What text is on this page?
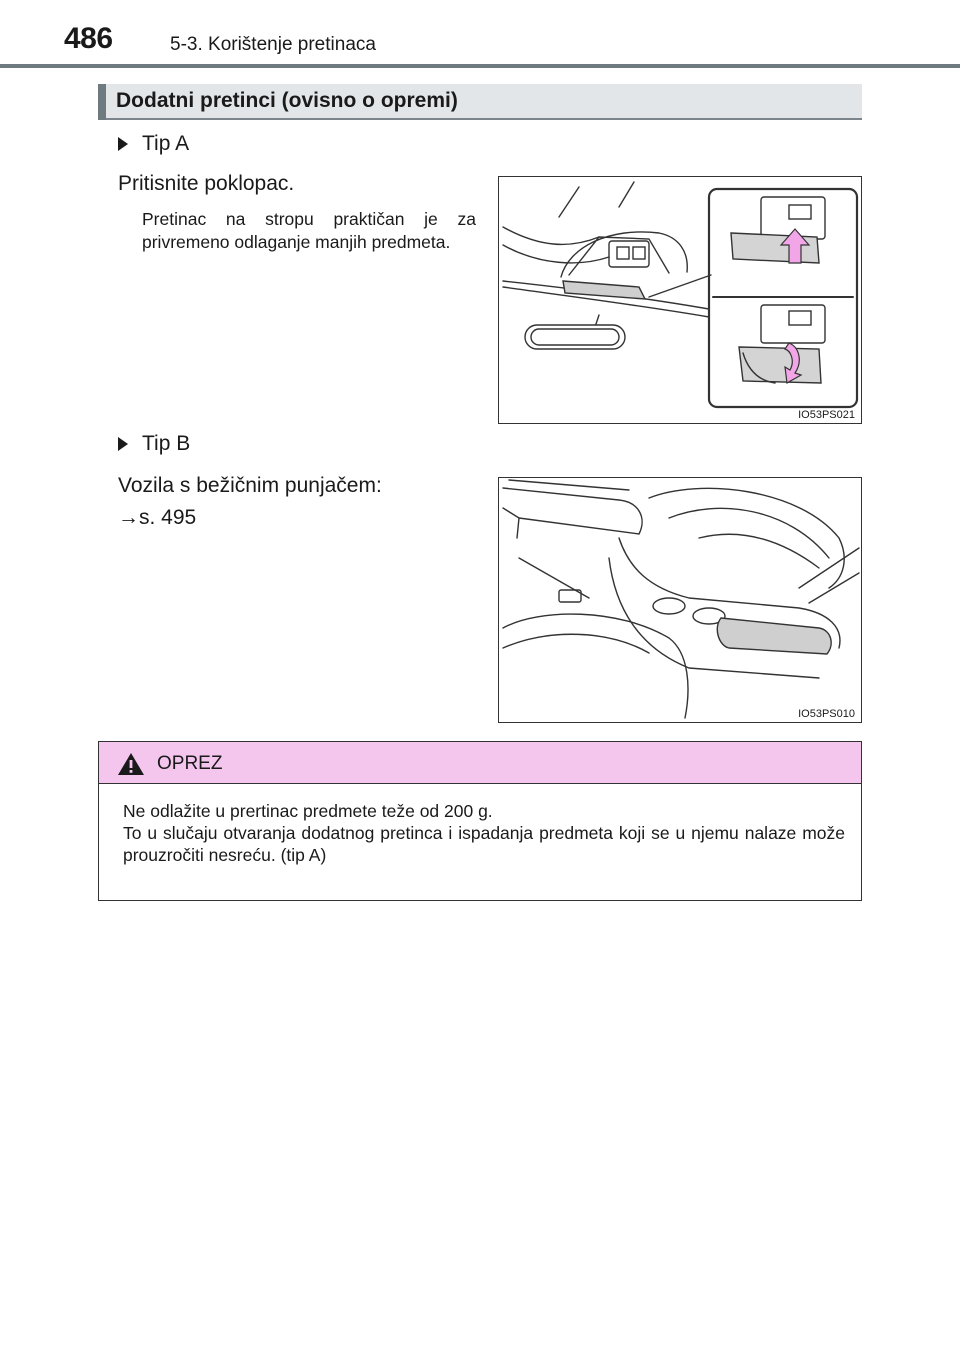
486	5-3. Korištenje pretinaca
Dodatni pretinci (ovisno o opremi)
Tip A
Pritisnite poklopac.
Pretinac na stropu praktičan je za privremeno odlaganje manjih predmeta.
IO53PS021
Tip B
Vozila s bežičnim punjačem:
→s. 495
IO53PS010
OPREZ

Ne odlažite u prertinac predmete teže od 200 g.

To u slučaju otvaranja dodatnog pretinca i ispadanja predmeta koji se u njemu nalaze može prouzročiti nesreću. (tip A)
